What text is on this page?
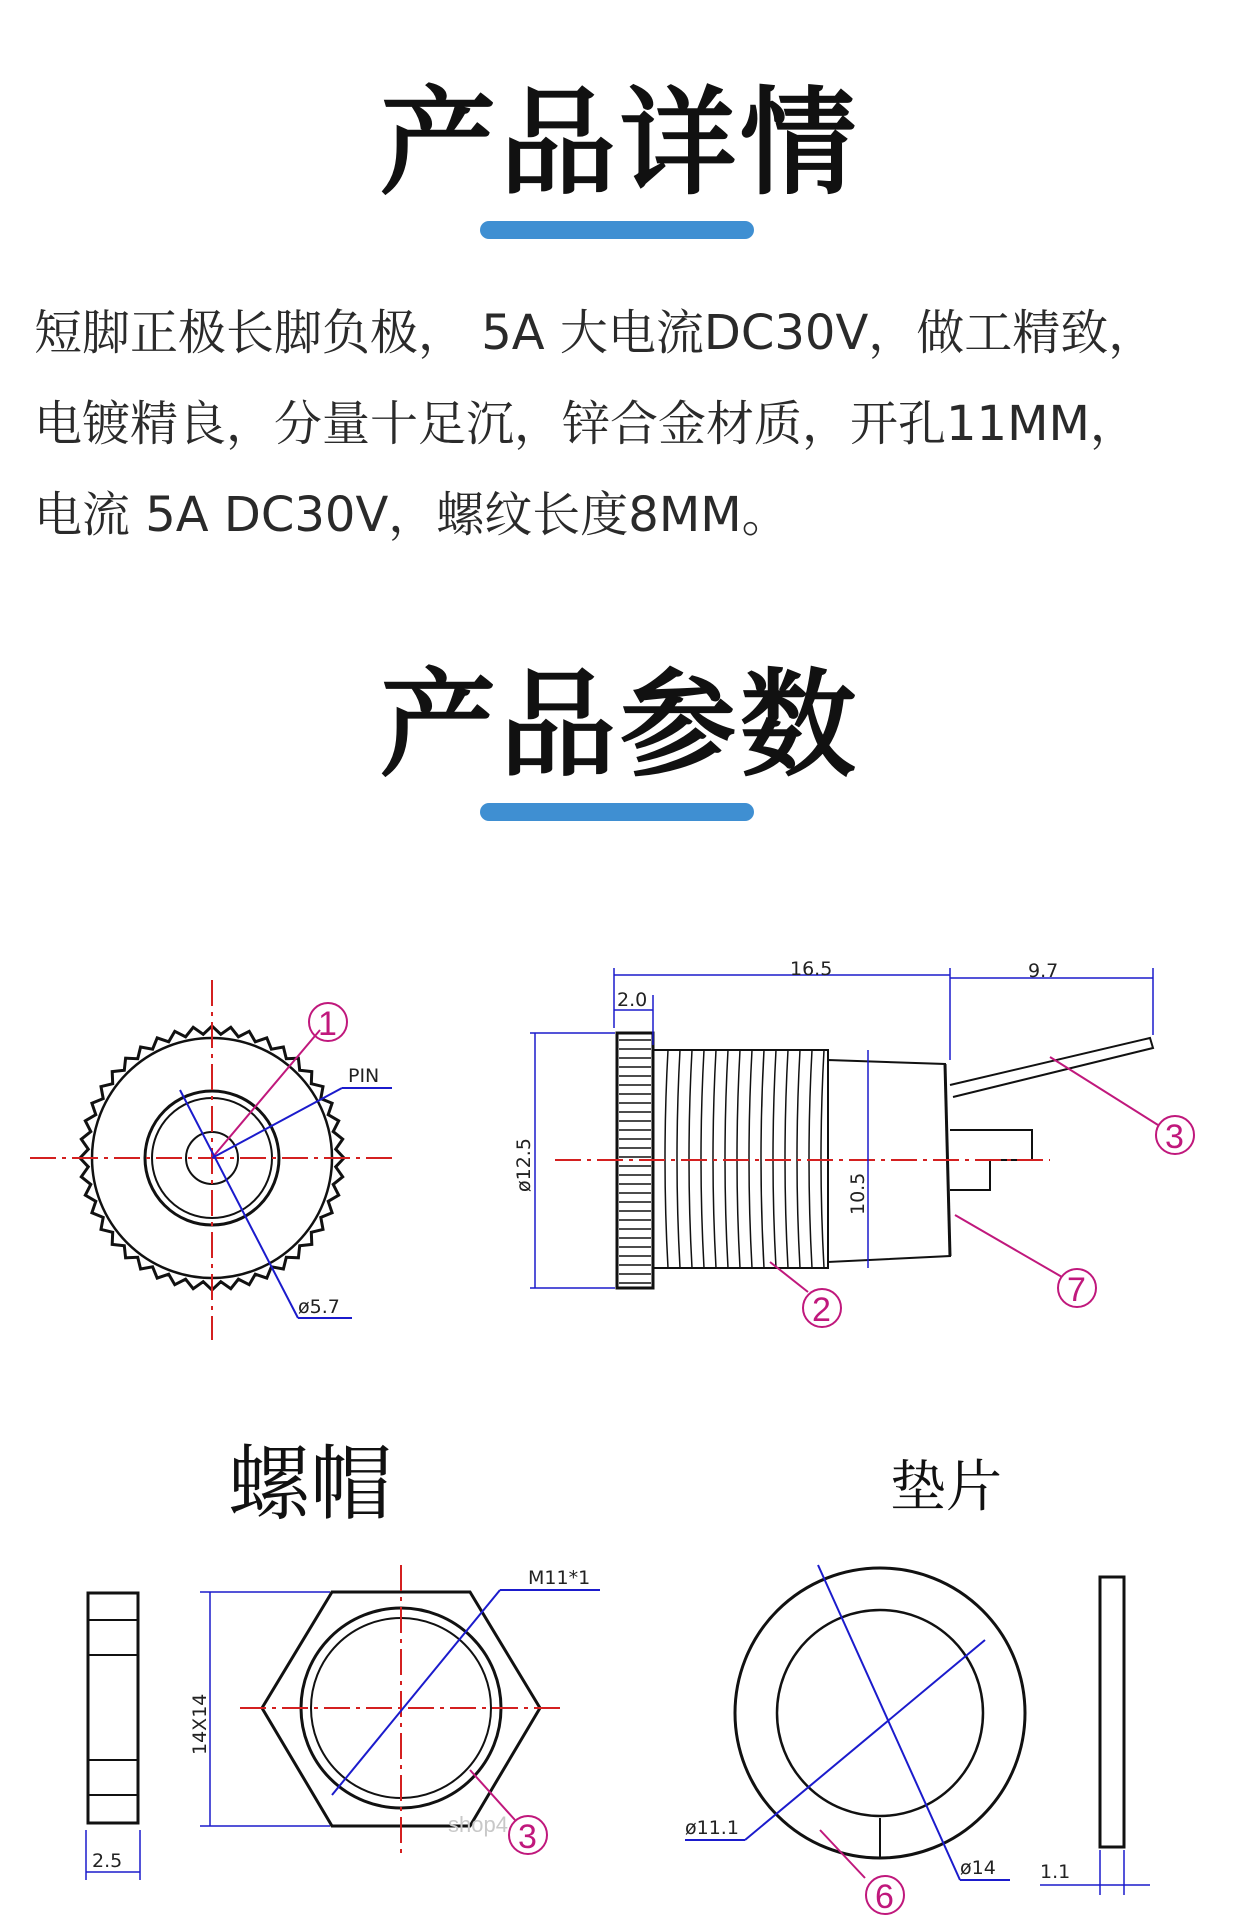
产品详情

短脚正极长脚负极， 5A 大电流DC30V，做工精致，

电镀精良，分量十足沉，锌合金材质，开孔11MM，

电流 5A DC30V，螺纹长度8MM。

产品参数
1
PIN
ø5.7
16.5	9.7
2.0
ø12.5
10.5
3
7
2
螺帽
2.5
M11*1
14X14
3
shop4
垫片
ø14
ø11.1
6
1.1
